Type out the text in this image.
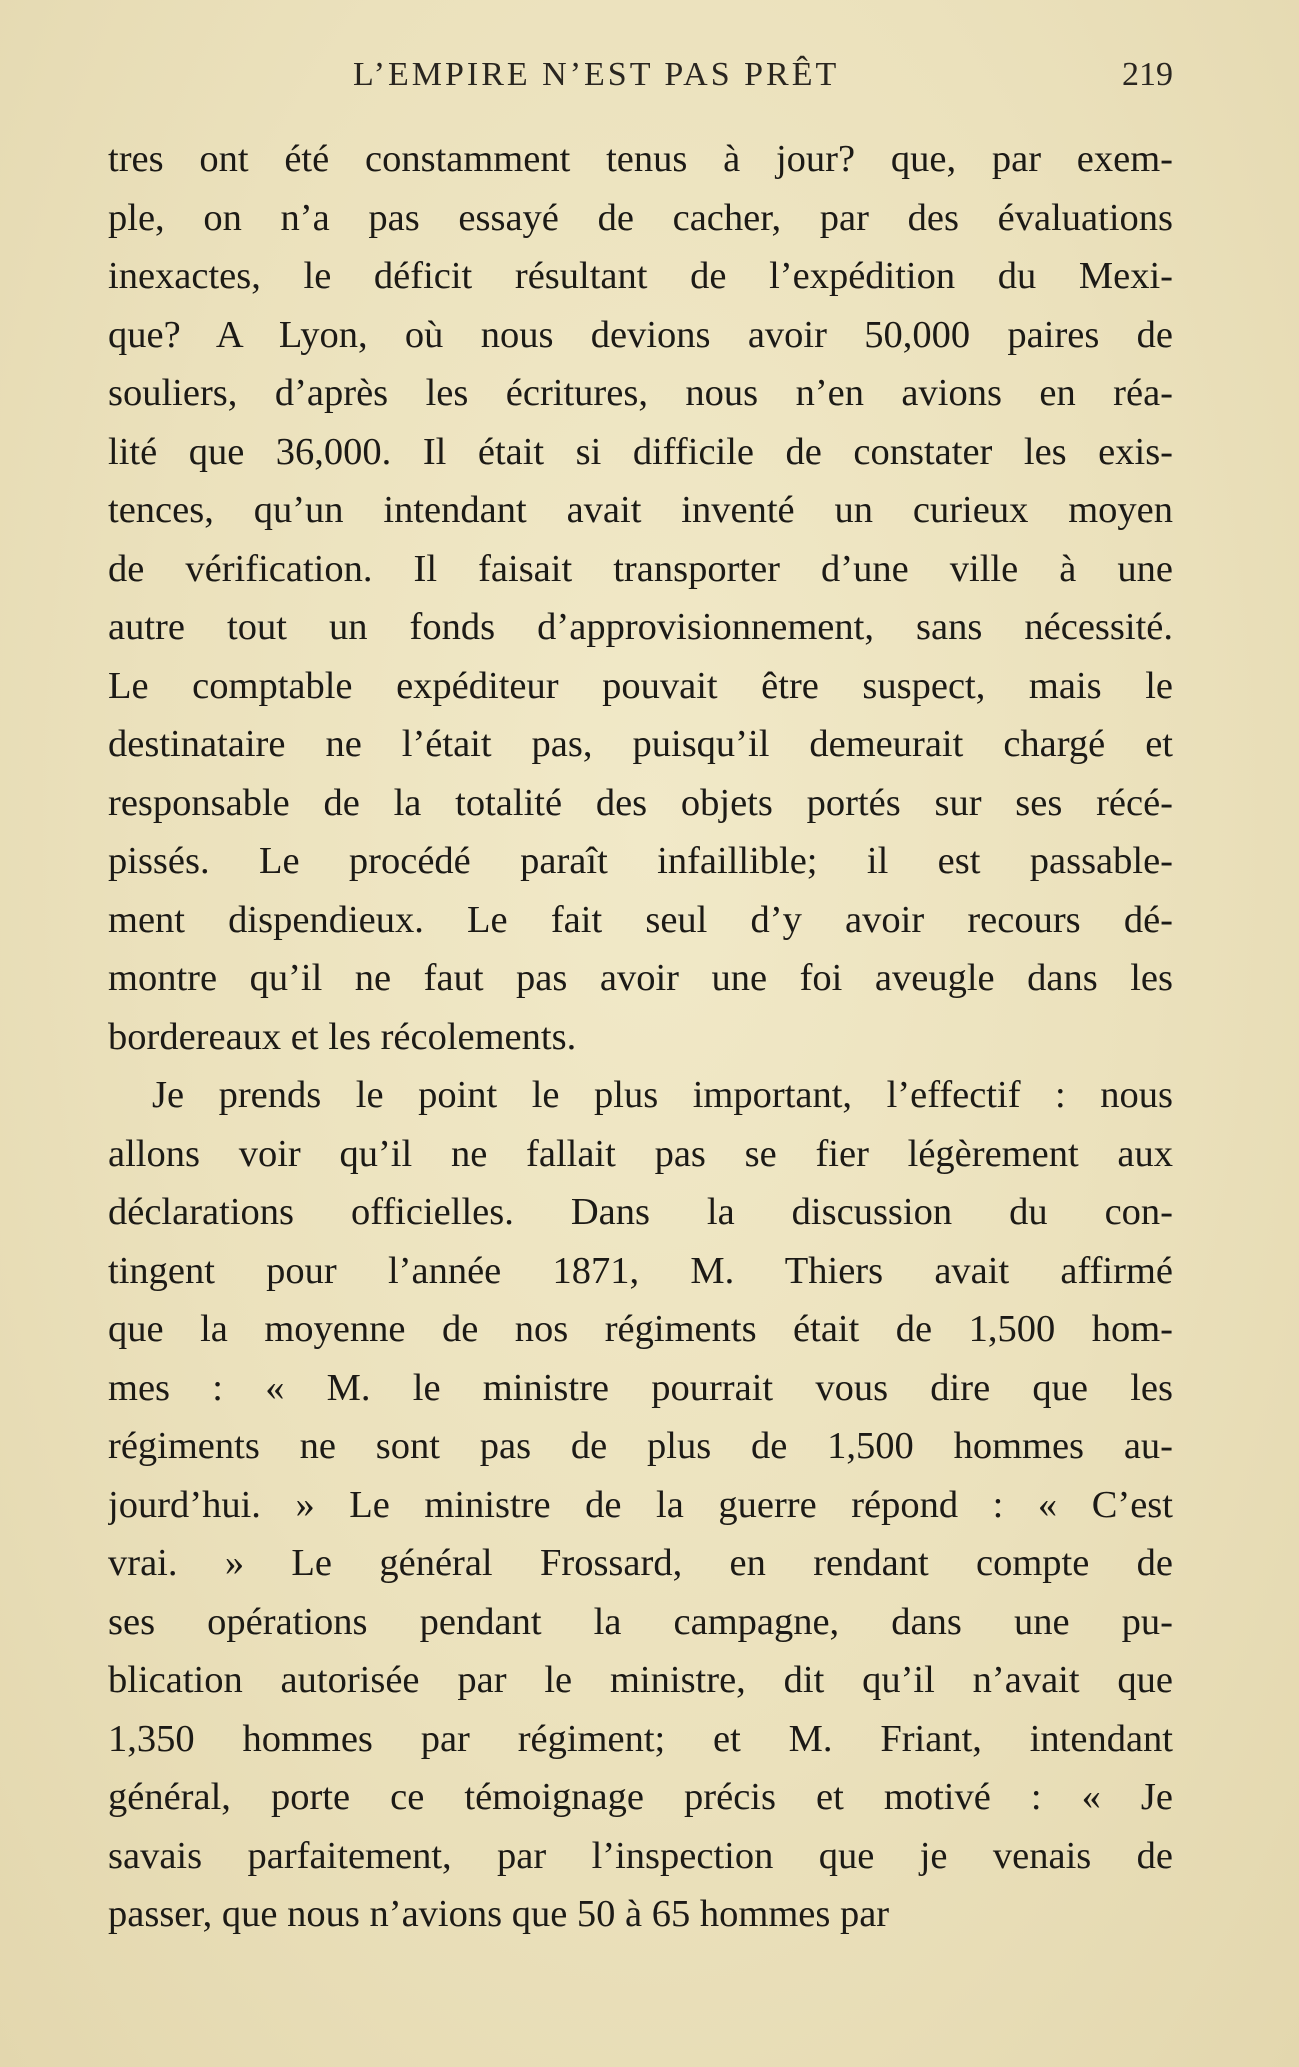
L’EMPIRE N’EST PAS PRÊT	219
tres ont été constamment tenus à jour? que, par exem-
ple, on n’a pas essayé de cacher, par des évaluations
inexactes, le déficit résultant de l’expédition du Mexi-
que? A Lyon, où nous devions avoir 50,000 paires de
souliers, d’après les écritures, nous n’en avions en réa-
lité que 36,000. Il était si difficile de constater les exis-
tences, qu’un intendant avait inventé un curieux moyen
de vérification. Il faisait transporter d’une ville à une
autre tout un fonds d’approvisionnement, sans nécessité.
Le comptable expéditeur pouvait être suspect, mais le
destinataire ne l’était pas, puisqu’il demeurait chargé et
responsable de la totalité des objets portés sur ses récé-
pissés. Le procédé paraît infaillible; il est passable-
ment dispendieux. Le fait seul d’y avoir recours dé-
montre qu’il ne faut pas avoir une foi aveugle dans les
bordereaux et les récolements.
Je prends le point le plus important, l’effectif : nous
allons voir qu’il ne fallait pas se fier légèrement aux
déclarations officielles. Dans la discussion du con-
tingent pour l’année 1871, M. Thiers avait affirmé
que la moyenne de nos régiments était de 1,500 hom-
mes : « M. le ministre pourrait vous dire que les
régiments ne sont pas de plus de 1,500 hommes au-
jourd’hui. » Le ministre de la guerre répond : « C’est
vrai. » Le général Frossard, en rendant compte de
ses opérations pendant la campagne, dans une pu-
blication autorisée par le ministre, dit qu’il n’avait que
1,350 hommes par régiment; et M. Friant, intendant
général, porte ce témoignage précis et motivé : « Je
savais parfaitement, par l’inspection que je venais de
passer, que nous n’avions que 50 à 65 hommes par
